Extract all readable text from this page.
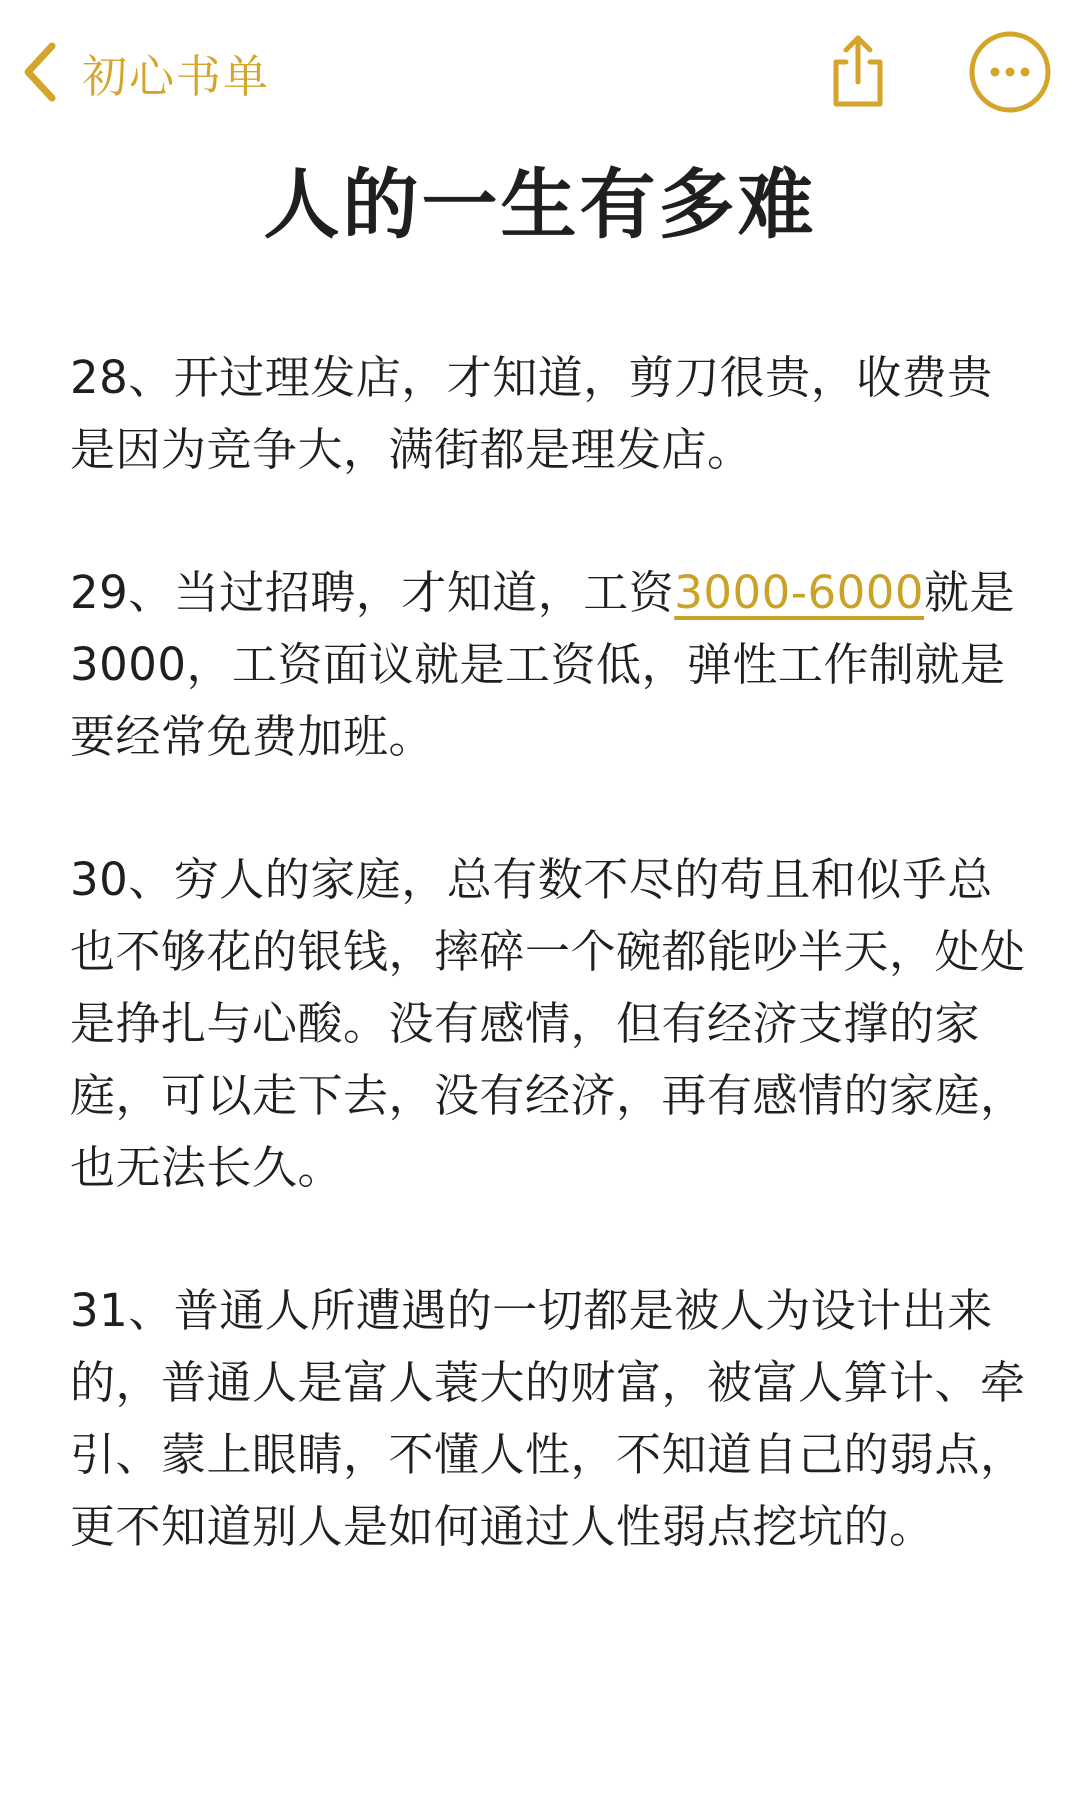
初心书单
人的一生有多难

28、开过理发店，才知道，剪刀很贵，收费贵是因为竞争大，满街都是理发店。

29、当过招聘，才知道，工资3000-6000就是3000，工资面议就是工资低，弹性工作制就是要经常免费加班。

30、穷人的家庭，总有数不尽的苟且和似乎总也不够花的银钱，摔碎一个碗都能吵半天，处处是挣扎与心酸。没有感情，但有经济支撑的家庭，可以走下去，没有经济，再有感情的家庭，也无法长久。

31、普通人所遭遇的一切都是被人为设计出来的，普通人是富人蓑大的财富，被富人算计、牵引、蒙上眼睛，不懂人性，不知道自己的弱点，更不知道别人是如何通过人性弱点挖坑的。
